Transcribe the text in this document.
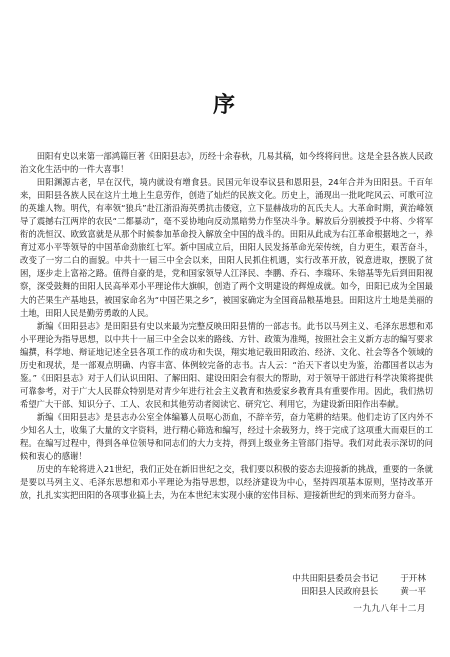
序

田阳有史以来第一部鸿篇巨著《田阳县志》，历经十余春秋，几易其稿，如今终将问世。这是全县各族人民政治文化生活中的一件大喜事！

田阳渊源古老，早在汉代，境内就设有增食县。民国元年设奉议县和恩阳县，24年合并为田阳县。千百年来，田阳县各族人民在这片土地上生息劳作，创造了灿烂的民族文化。历史上，涌现出一批叱咤风云、可歌可泣的英雄人物。明代，有率领“狼兵”赴江浙沿海英勇抗击倭寇，立下显赫战功的瓦氏夫人。大革命时期，黄治峰领导了震撼右江两岸的农民“二都暴动”，毫不妥协地向反动黑暗势力作坚决斗争。解放后分别被授予中将、少将军衔的冼恒汉、欧致富就是从那个时候参加革命投入解放全中国的战斗的。田阳从此成为右江革命根据地之一，养育过邓小平等领导的中国革命劲旅红七军。新中国成立后，田阳人民发扬革命光荣传统，自力更生，艰苦奋斗，改变了一穷二白的面貌。中共十一届三中全会以来，田阳人民抓住机遇，实行改革开放，锐意进取，摆脱了贫困，逐步走上富裕之路。值得自豪的是，党和国家领导人江泽民、李鹏、乔石、李瑞环、朱镕基等先后到田阳视察，深受鼓舞的田阳人民高举邓小平理论伟大旗帜，创造了两个文明建设的辉煌成就。如今，田阳已成为全国最大的芒果生产基地县，被国家命名为“中国芒果之乡”，被国家确定为全国商品粮基地县。田阳这片土地是美丽的土地，田阳人民是勤劳勇敢的人民。

新编《田阳县志》是田阳县有史以来最为完整反映田阳县情的一部志书。此书以马列主义、毛泽东思想和邓小平理论为指导思想，以中共十一届三中全会以来的路线、方针、政策为准绳，按照社会主义新方志的编写要求编撰，科学地、辩证地记述全县各项工作的成功和失误，翔实地记载田阳政治、经济、文化、社会等各个领域的历史和现状，是一部观点明确、内容丰富、体例较完备的志书。古人云：“治天下者以史为鉴，治郡国者以志为鉴。”《田阳县志》对于人们认识田阳、了解田阳、建设田阳会有很大的帮助，对于领导干部进行科学决策将提供可靠参考，对于广大人民群众特别是对青少年进行社会主义教育和热爱家乡教育具有重要作用。因此，我们热切希望广大干部、知识分子、工人、农民和其他劳动者阅读它、研究它、利用它，为建设新田阳作出奉献。

新编《田阳县志》是县志办公室全体编纂人员呕心沥血，不辞辛劳，奋力笔耕的结果。他们走访了区内外不少知名人士，收集了大量的文字资料，进行精心筛选和编写，经过十余载努力，终于完成了这项重大而艰巨的工程。在编写过程中，得到各单位领导和同志们的大力支持，得到上级业务主管部门指导。我们对此表示深切的问候和衷心的感谢！

历史的车轮将进入21世纪，我们正处在新旧世纪之交，我们要以积极的姿态去迎接新的挑战，重要的一条就是要以马列主义、毛泽东思想和邓小平理论为指导思想，以经济建设为中心，坚持四项基本原则，坚持改革开放，扎扎实实把田阳的各项事业搞上去，为在本世纪末实现小康的宏伟目标、迎接新世纪的到来而努力奋斗。

中共田阳县委员会书记	于开林
田阳县人民政府县长	黄一平
一九九八年十二月
